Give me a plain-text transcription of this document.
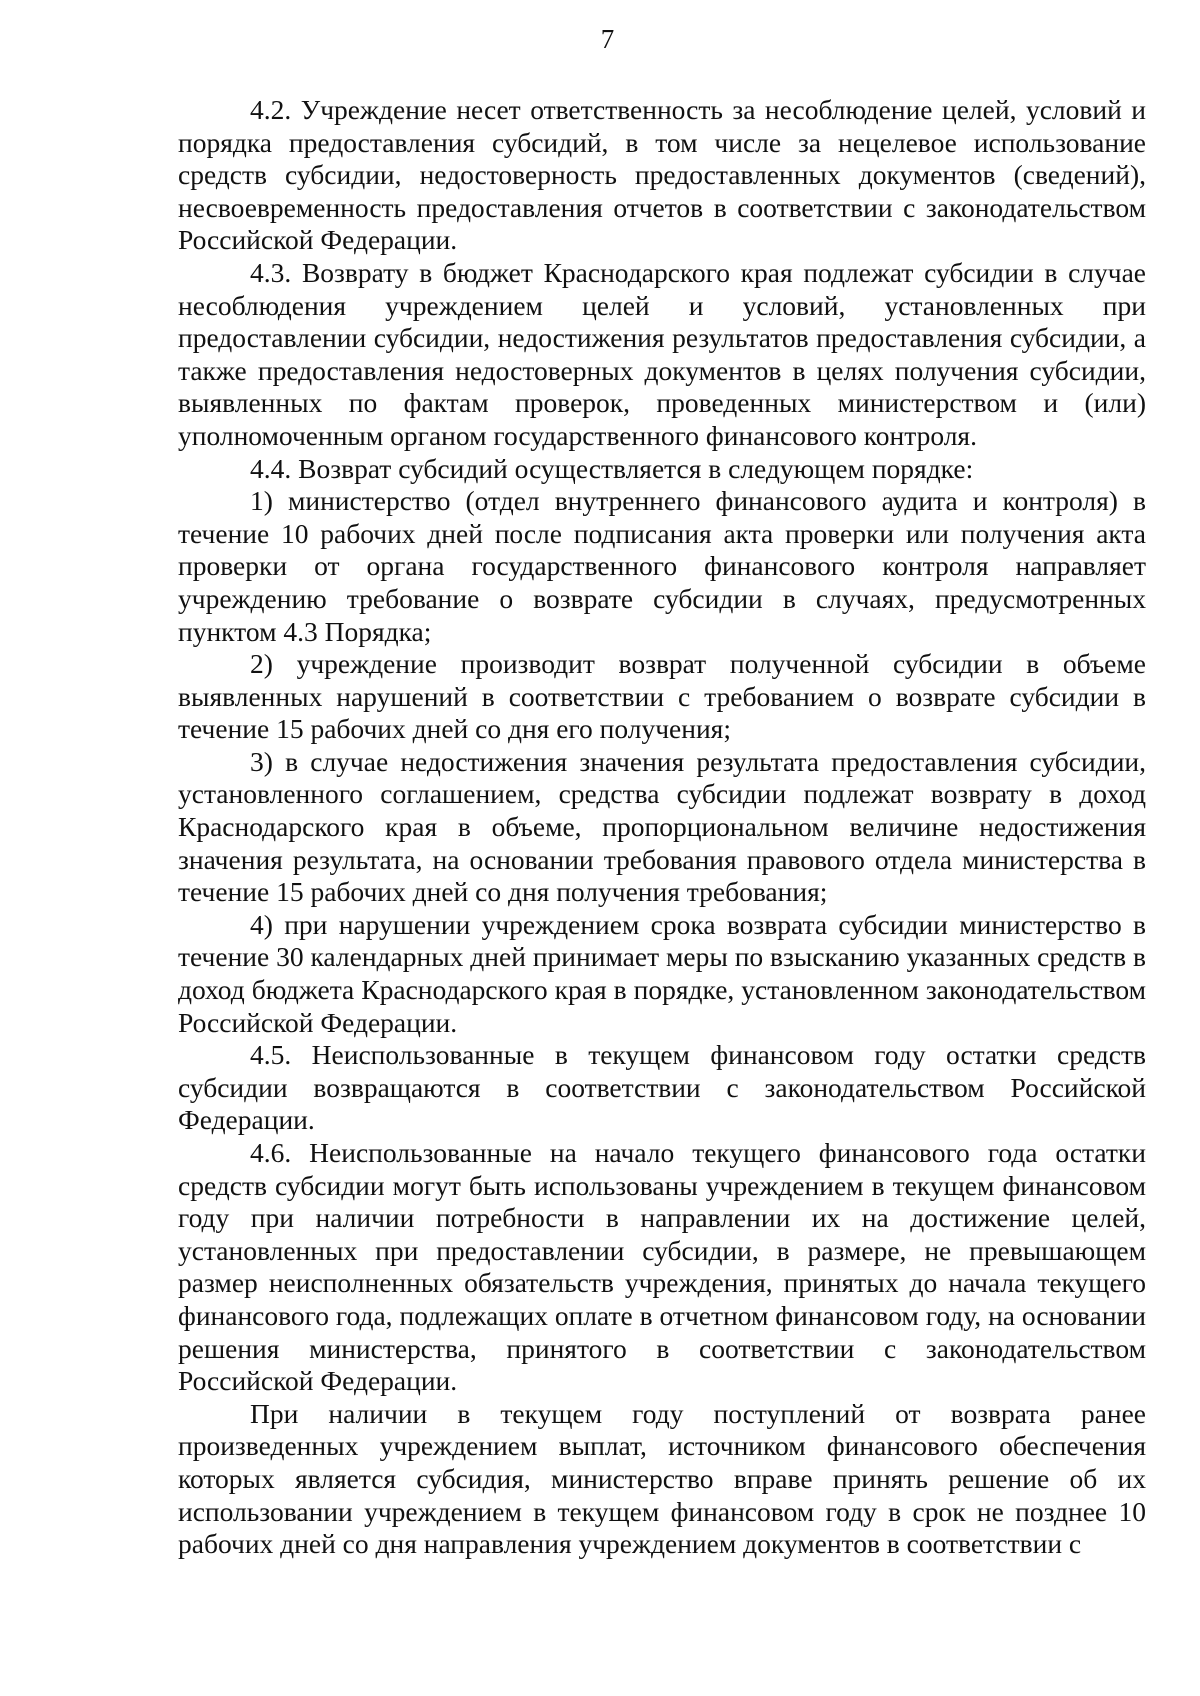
7

4.2. Учреждение несет ответственность за несоблюдение целей, условий и порядка предоставления субсидий, в том числе за нецелевое использование средств субсидии, недостоверность предоставленных документов (сведений), несвоевременность предоставления отчетов в соответствии с законодательством Российской Федерации.

4.3. Возврату в бюджет Краснодарского края подлежат субсидии в случае несоблюдения учреждением целей и условий, установленных при предоставлении субсидии, недостижения результатов предоставления субсидии, а также предоставления недостоверных документов в целях получения субсидии, выявленных по фактам проверок, проведенных министерством и (или) уполномоченным органом государственного финансового контроля.

4.4. Возврат субсидий осуществляется в следующем порядке:

1) министерство (отдел внутреннего финансового аудита и контроля) в течение 10 рабочих дней после подписания акта проверки или получения акта проверки от органа государственного финансового контроля направляет учреждению требование о возврате субсидии в случаях, предусмотренных пунктом 4.3 Порядка;

2) учреждение производит возврат полученной субсидии в объеме выявленных нарушений в соответствии с требованием о возврате субсидии в течение 15 рабочих дней со дня его получения;

3) в случае недостижения значения результата предоставления субсидии, установленного соглашением, средства субсидии подлежат возврату в доход Краснодарского края в объеме, пропорциональном величине недостижения значения результата, на основании требования правового отдела министерства в течение 15 рабочих дней со дня получения требования;

4) при нарушении учреждением срока возврата субсидии министерство в течение 30 календарных дней принимает меры по взысканию указанных средств в доход бюджета Краснодарского края в порядке, установленном законодательством Российской Федерации.

4.5. Неиспользованные в текущем финансовом году остатки средств субсидии возвращаются в соответствии с законодательством Российской Федерации.

4.6. Неиспользованные на начало текущего финансового года остатки средств субсидии могут быть использованы учреждением в текущем финансовом году при наличии потребности в направлении их на достижение целей, установленных при предоставлении субсидии, в размере, не превышающем размер неисполненных обязательств учреждения, принятых до начала текущего финансового года, подлежащих оплате в отчетном финансовом году, на основании решения министерства, принятого в соответствии с законодательством Российской Федерации.

При наличии в текущем году поступлений от возврата ранее произведенных учреждением выплат, источником финансового обеспечения которых является субсидия, министерство вправе принять решение об их использовании учреждением в текущем финансовом году в срок не позднее 10 рабочих дней со дня направления учреждением документов в соответствии с
